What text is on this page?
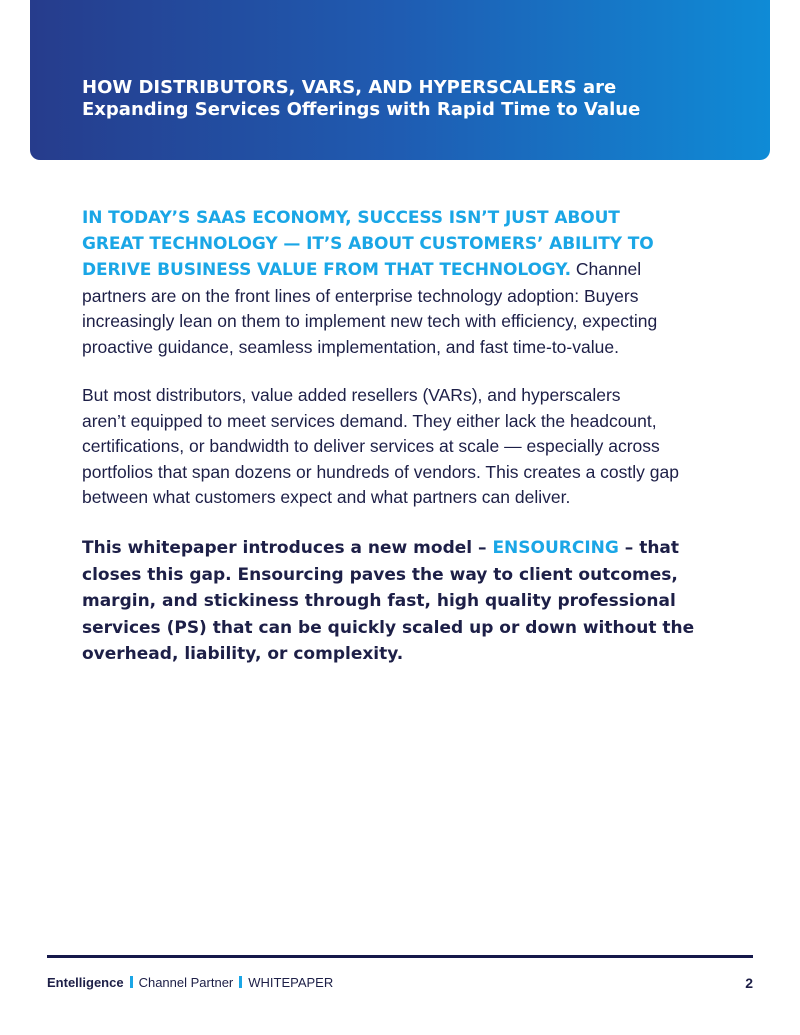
HOW DISTRIBUTORS, VARS, AND HYPERSCALERS are
Expanding Services Offerings with Rapid Time to Value

IN TODAY’S SAAS ECONOMY, SUCCESS ISN’T JUST ABOUT
GREAT TECHNOLOGY — IT’S ABOUT CUSTOMERS’ ABILITY TO
DERIVE BUSINESS VALUE FROM THAT TECHNOLOGY. Channel
partners are on the front lines of enterprise technology adoption: Buyers
increasingly lean on them to implement new tech with efficiency, expecting
proactive guidance, seamless implementation, and fast time-to-value.

But most distributors, value added resellers (VARs), and hyperscalers
aren’t equipped to meet services demand. They either lack the headcount,
certifications, or bandwidth to deliver services at scale — especially across
portfolios that span dozens or hundreds of vendors. This creates a costly gap
between what customers expect and what partners can deliver.

This whitepaper introduces a new model – ENSOURCING – that
closes this gap. Ensourcing paves the way to client outcomes,
margin, and stickiness through fast, high quality professional
services (PS) that can be quickly scaled up or down without the
overhead, liability, or complexity.

Entelligence Channel Partner WHITEPAPER	2
